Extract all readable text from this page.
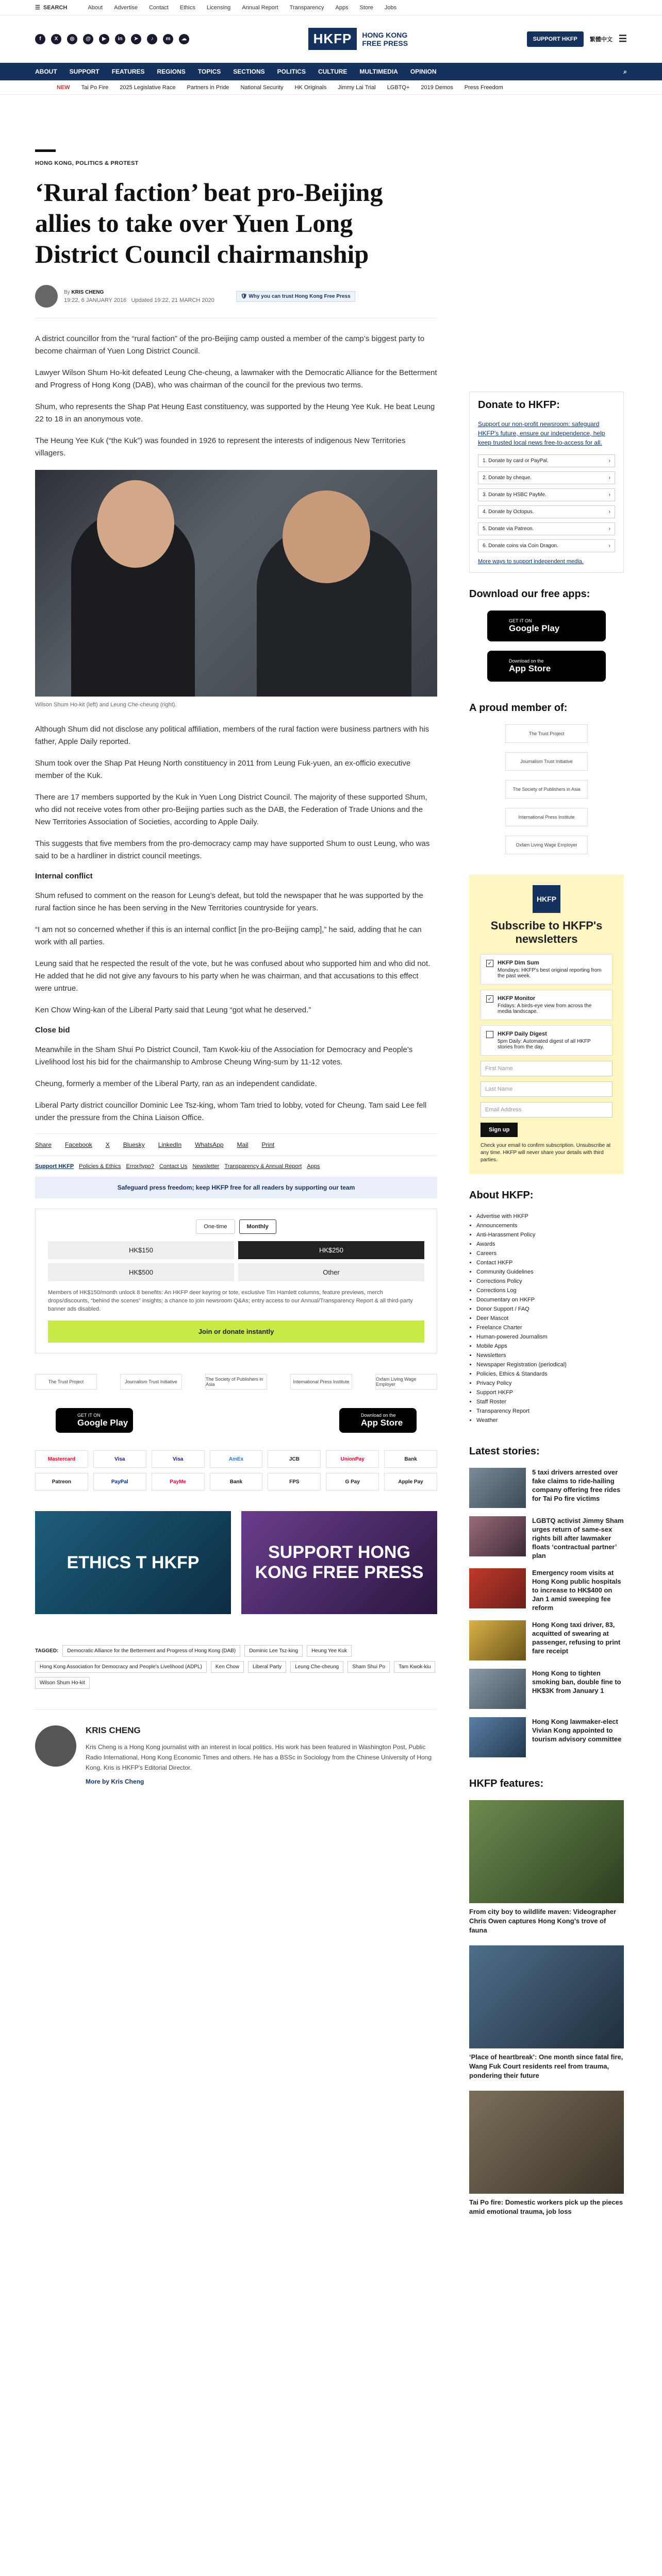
☰ SEARCH	About Advertise Contact Ethics Licensing Annual Report Transparency Apps Store Jobs
f	X	◎	@	▶	in	➤	♪	m	☁	HKFP	HONG KONG
FREE PRESS	SUPPORT HKFP	繁體中文 ☰
ABOUT SUPPORT FEATURES REGIONS TOPICS SECTIONS POLITICS CULTURE MULTIMEDIA OPINION	⌕
NEW Tai Po Fire 2025 Legislative Race Partners in Pride National Security HK Originals Jimmy Lai Trial LGBTQ+ 2019 Demos Press Freedom
HONG KONG, POLITICS & PROTEST
‘Rural faction’ beat pro-Beijing allies to take over Yuen Long District Council chairmanship
By KRIS CHENG
19:22, 6 JANUARY 2016 Updated 19:22, 21 MARCH 2020
🛡 Why you can trust Hong Kong Free Press

A district councillor from the “rural faction” of the pro-Beijing camp ousted a member of the camp’s biggest party to become chairman of Yuen Long District Council.

Lawyer Wilson Shum Ho-kit defeated Leung Che-cheung, a lawmaker with the Democratic Alliance for the Betterment and Progress of Hong Kong (DAB), who was chairman of the council for the previous two terms.

Shum, who represents the Shap Pat Heung East constituency, was supported by the Heung Yee Kuk. He beat Leung 22 to 18 in an anonymous vote.

The Heung Yee Kuk (“the Kuk”) was founded in 1926 to represent the interests of indigenous New Territories villagers.

Wilson Shum Ho-kit (left) and Leung Che-cheung (right).

Although Shum did not disclose any political affiliation, members of the rural faction were business partners with his father, Apple Daily reported.

Shum took over the Shap Pat Heung North constituency in 2011 from Leung Fuk-yuen, an ex-officio executive member of the Kuk.

There are 17 members supported by the Kuk in Yuen Long District Council. The majority of these supported Shum, who did not receive votes from other pro-Beijing parties such as the DAB, the Federation of Trade Unions and the New Territories Association of Societies, according to Apple Daily.

This suggests that five members from the pro-democracy camp may have supported Shum to oust Leung, who was said to be a hardliner in district council meetings.

Internal conflict

Shum refused to comment on the reason for Leung’s defeat, but told the newspaper that he was supported by the rural faction since he has been serving in the New Territories countryside for years.

“I am not so concerned whether if this is an internal conflict [in the pro-Beijing camp],” he said, adding that he can work with all parties.

Leung said that he respected the result of the vote, but he was confused about who supported him and who did not. He added that he did not give any favours to his party when he was chairman, and that accusations to this effect were untrue.

Ken Chow Wing-kan of the Liberal Party said that Leung “got what he deserved.”

Close bid

Meanwhile in the Sham Shui Po District Council, Tam Kwok-kiu of the Association for Democracy and People’s Livelihood lost his bid for the chairmanship to Ambrose Cheung Wing-sum by 11-12 votes.

Cheung, formerly a member of the Liberal Party, ran as an independent candidate.

Liberal Party district councillor Dominic Lee Tsz-king, whom Tam tried to lobby, voted for Cheung. Tam said Lee fell under the pressure from the China Liaison Office.

Share Facebook X Bluesky LinkedIn WhatsApp Mail Print
Support HKFP Policies & Ethics Error/typo? Contact Us Newsletter Transparency & Annual Report Apps
Safeguard press freedom; keep HKFP free for all readers by supporting our team
One-time	Monthly
HK$150	HK$250
HK$500	Other
Members of HK$150/month unlock 8 benefits: An HKFP deer keyring or tote, exclusive Tim Hamlett columns, feature previews, merch drops/discounts, “behind the scenes” insights; a chance to join newsroom Q&As; entry access to our Annual/Transparency Report & all third-party banner ads disabled.
Join or donate instantly
The Trust Project	Journalism Trust Initiative	The Society of Publishers in Asia	International Press Institute	Oxfam Living Wage Employer
GET IT ON
Google Play
Download on the
App Store
Mastercard	Visa	Visa	AmEx	JCB	UnionPay	Bank
Patreon	PayPal	PayMe	Bank	FPS	G Pay	Apple Pay
ETHICS T HKFP
SUPPORT HONG KONG FREE PRESS
TAGGED:	Democratic Alliance for the Betterment and Progress of Hong Kong (DAB)	Dominic Lee Tsz-king	Heung Yee Kuk
Hong Kong Association for Democracy and People's Livelihood (ADPL)	Ken Chow	Liberal Party	Leung Che-cheung	Sham Shui Po	Tam Kwok-kiu
Wilson Shum Ho-kit
KRIS CHENG

Kris Cheng is a Hong Kong journalist with an interest in local politics. His work has been featured in Washington Post, Public Radio International, Hong Kong Economic Times and others. He has a BSSc in Sociology from the Chinese University of Hong Kong. Kris is HKFP's Editorial Director.

More by Kris Cheng
Donate to HKFP:
Support our non-profit newsroom: safeguard HKFP's future, ensure our independence, help keep trusted local news free-to-access for all.
1. Donate by card or PayPal.	›
2. Donate by cheque.	›
3. Donate by HSBC PayMe.	›
4. Donate by Octopus.	›
5. Donate via Patreon.	›
6. Donate coins via Coin Dragon.	›
More ways to support independent media.
Download our free apps:
GET IT ON
Google Play
Download on the
App Store
A proud member of:
The Trust Project
Journalism Trust Initiative
The Society of Publishers in Asia
International Press Institute
Oxfam Living Wage Employer
HKFP
Subscribe to HKFP's newsletters
✓ HKFP Dim Sum
Mondays: HKFP's best original reporting from the past week.
✓ HKFP Monitor
Fridays: A birds-eye view from across the media landscape.
HKFP Daily Digest
5pm Daily: Automated digest of all HKFP stories from the day.
First Name
Last Name
Email Address
Sign up
Check your email to confirm subscription. Unsubscribe at any time. HKFP will never share your details with third parties.
About HKFP:
• Advertise with HKFP
• Announcements
• Anti-Harassment Policy
• Awards
• Careers
• Contact HKFP
• Community Guidelines
• Corrections Policy
• Corrections Log
• Documentary on HKFP
• Donor Support / FAQ
• Deer Mascot
• Freelance Charter
• Human-powered Journalism
• Mobile Apps
• Newsletters
• Newspaper Registration (periodical)
• Policies, Ethics & Standards
• Privacy Policy
• Support HKFP
• Staff Roster
• Transparency Report
• Weather
Latest stories:

5 taxi drivers arrested over fake claims to ride-hailing company offering free rides for Tai Po fire victims

LGBTQ activist Jimmy Sham urges return of same-sex rights bill after lawmaker floats ‘contractual partner’ plan

Emergency room visits at Hong Kong public hospitals to increase to HK$400 on Jan 1 amid sweeping fee reform

Hong Kong taxi driver, 83, acquitted of swearing at passenger, refusing to print fare receipt

Hong Kong to tighten smoking ban, double fine to HK$3K from January 1

Hong Kong lawmaker-elect Vivian Kong appointed to tourism advisory committee

HKFP features:

From city boy to wildlife maven: Videographer Chris Owen captures Hong Kong’s trove of fauna

‘Place of heartbreak’: One month since fatal fire, Wang Fuk Court residents reel from trauma, pondering their future

Tai Po fire: Domestic workers pick up the pieces amid emotional trauma, job loss
